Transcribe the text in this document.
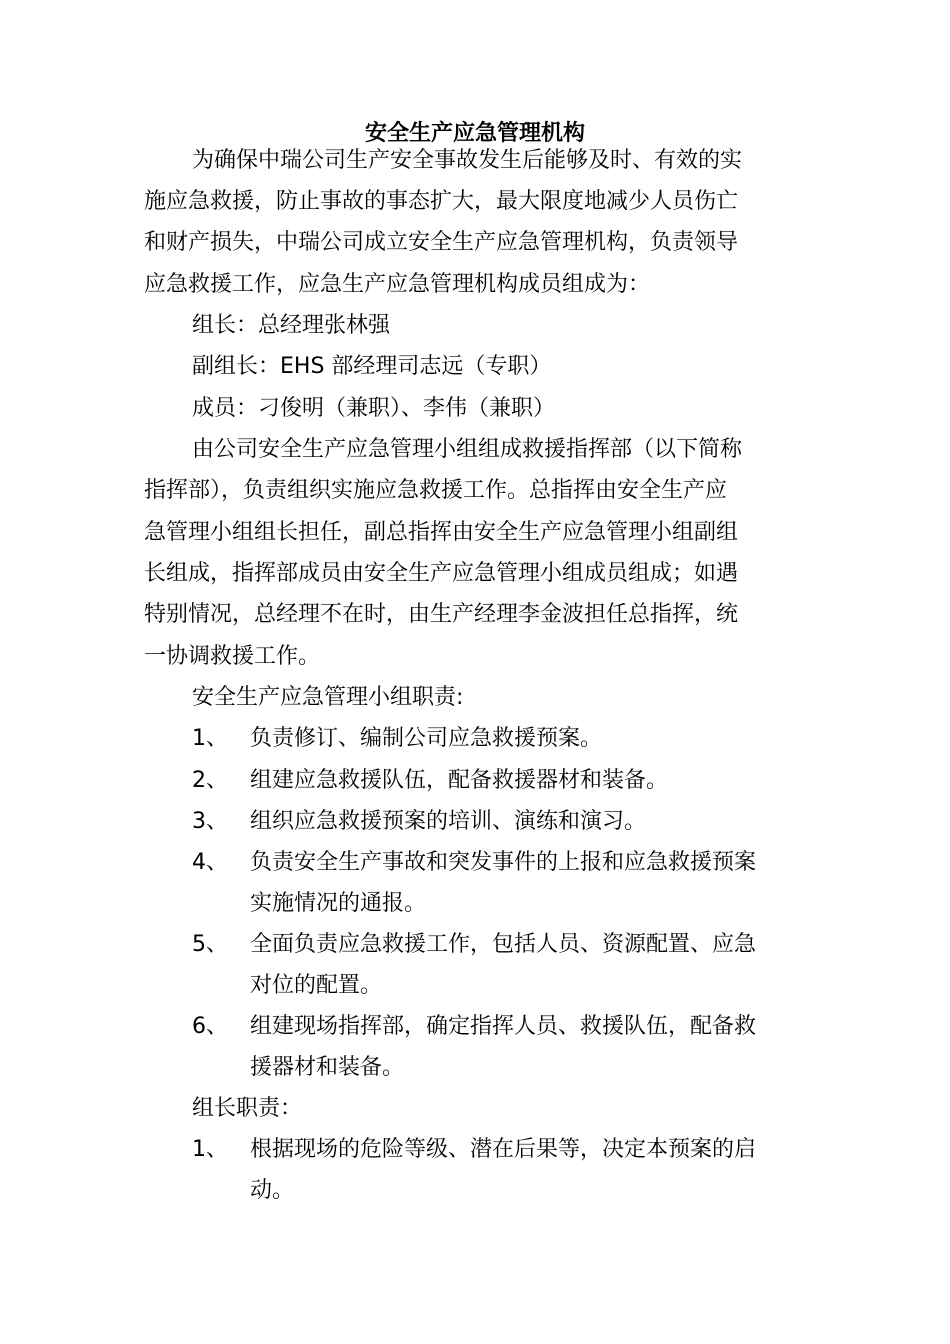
安全生产应急管理机构
为确保中瑞公司生产安全事故发生后能够及时、有效的实
施应急救援，防止事故的事态扩大，最大限度地减少人员伤亡
和财产损失，中瑞公司成立安全生产应急管理机构，负责领导
应急救援工作，应急生产应急管理机构成员组成为：
组长：总经理张林强
副组长：EHS 部经理司志远（专职）
成员：刁俊明（兼职）、李伟（兼职）
由公司安全生产应急管理小组组成救援指挥部（以下简称
指挥部），负责组织实施应急救援工作。总指挥由安全生产应
急管理小组组长担任，副总指挥由安全生产应急管理小组副组
长组成，指挥部成员由安全生产应急管理小组成员组成；如遇
特别情况，总经理不在时，由生产经理李金波担任总指挥，统
一协调救援工作。
安全生产应急管理小组职责:
1、 负责修订、编制公司应急救援预案。
2、 组建应急救援队伍，配备救援器材和装备。
3、 组织应急救援预案的培训、演练和演习。
4、 负责安全生产事故和突发事件的上报和应急救援预案
实施情况的通报。
5、 全面负责应急救援工作，包括人员、资源配置、应急
对位的配置。
6、 组建现场指挥部，确定指挥人员、救援队伍，配备救
援器材和装备。
组长职责：
1、 根据现场的危险等级、潜在后果等，决定本预案的启
动。
